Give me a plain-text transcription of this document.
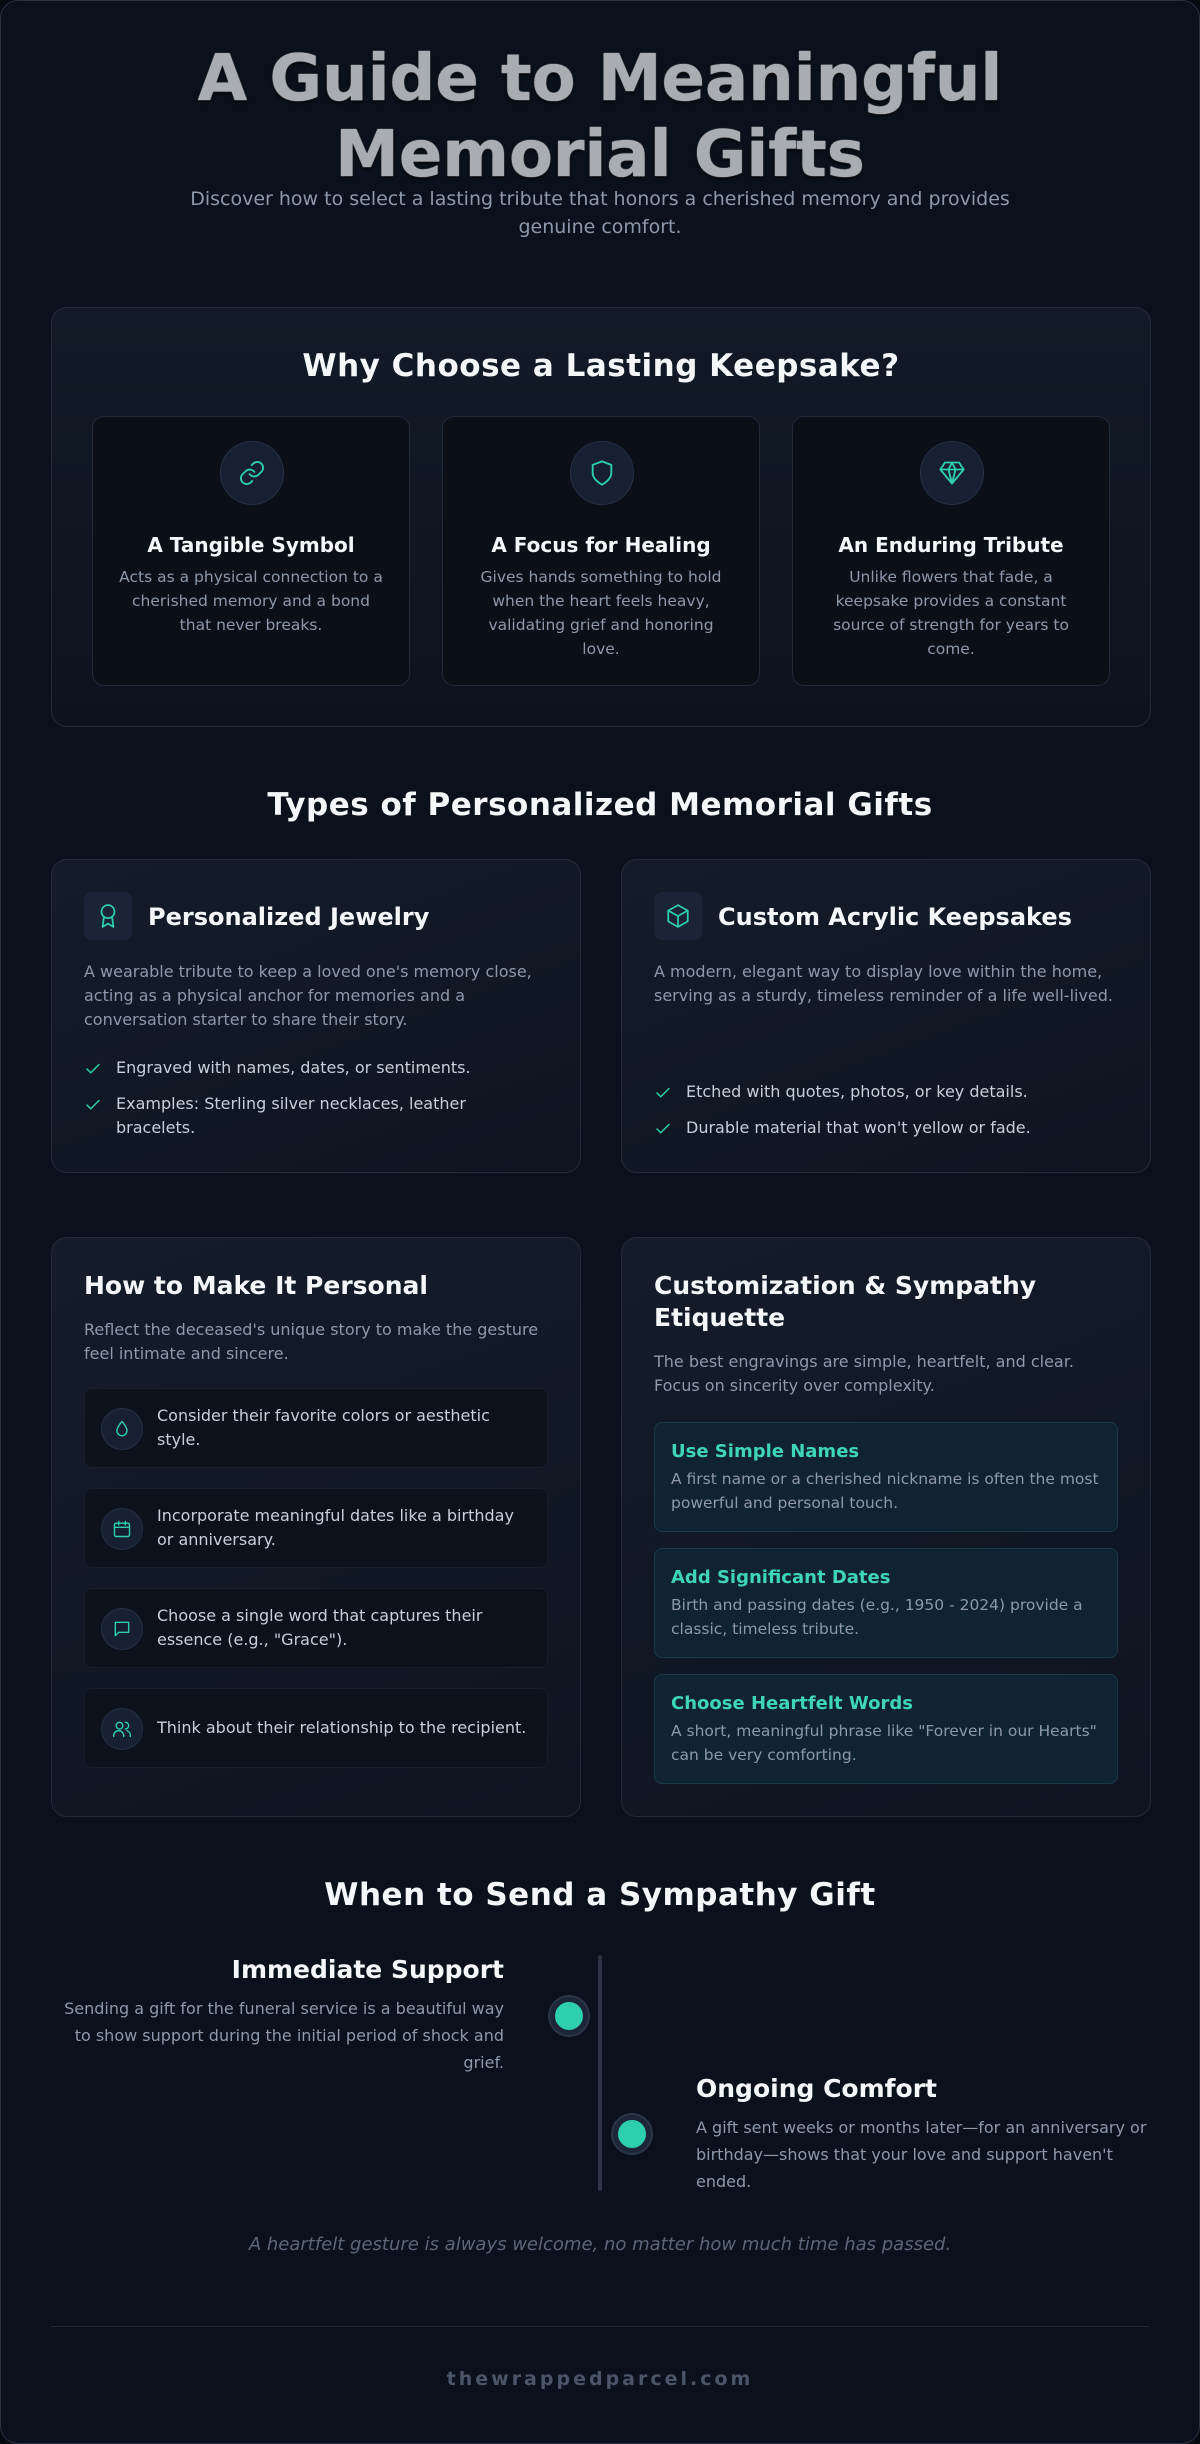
A Guide to Meaningful Memorial Gifts
Discover how to select a lasting tribute that honors a cherished memory and provides genuine comfort.
Why Choose a Lasting Keepsake?
A Tangible Symbol
Acts as a physical connection to a cherished memory and a bond that never breaks.
A Focus for Healing
Gives hands something to hold when the heart feels heavy, validating grief and honoring love.
An Enduring Tribute
Unlike flowers that fade, a keepsake provides a constant source of strength for years to come.
Types of Personalized Memorial Gifts
Personalized Jewelry
A wearable tribute to keep a loved one's memory close, acting as a physical anchor for memories and a conversation starter to share their story.
Engraved with names, dates, or sentiments.
Examples: Sterling silver necklaces, leather bracelets.
Custom Acrylic Keepsakes
A modern, elegant way to display love within the home, serving as a sturdy, timeless reminder of a life well-lived.
Etched with quotes, photos, or key details.
Durable material that won't yellow or fade.
How to Make It Personal
Reflect the deceased's unique story to make the gesture feel intimate and sincere.
Consider their favorite colors or aesthetic style.
Incorporate meaningful dates like a birthday or anniversary.
Choose a single word that captures their essence (e.g., "Grace").
Think about their relationship to the recipient.
Customization & Sympathy Etiquette
The best engravings are simple, heartfelt, and clear. Focus on sincerity over complexity.
Use Simple Names
A first name or a cherished nickname is often the most powerful and personal touch.
Add Significant Dates
Birth and passing dates (e.g., 1950 - 2024) provide a classic, timeless tribute.
Choose Heartfelt Words
A short, meaningful phrase like "Forever in our Hearts" can be very comforting.
When to Send a Sympathy Gift
Immediate Support
Sending a gift for the funeral service is a beautiful way to show support during the initial period of shock and grief.
Ongoing Comfort
A gift sent weeks or months later—for an anniversary or birthday—shows that your love and support haven't ended.
A heartfelt gesture is always welcome, no matter how much time has passed.
thewrappedparcel.com
